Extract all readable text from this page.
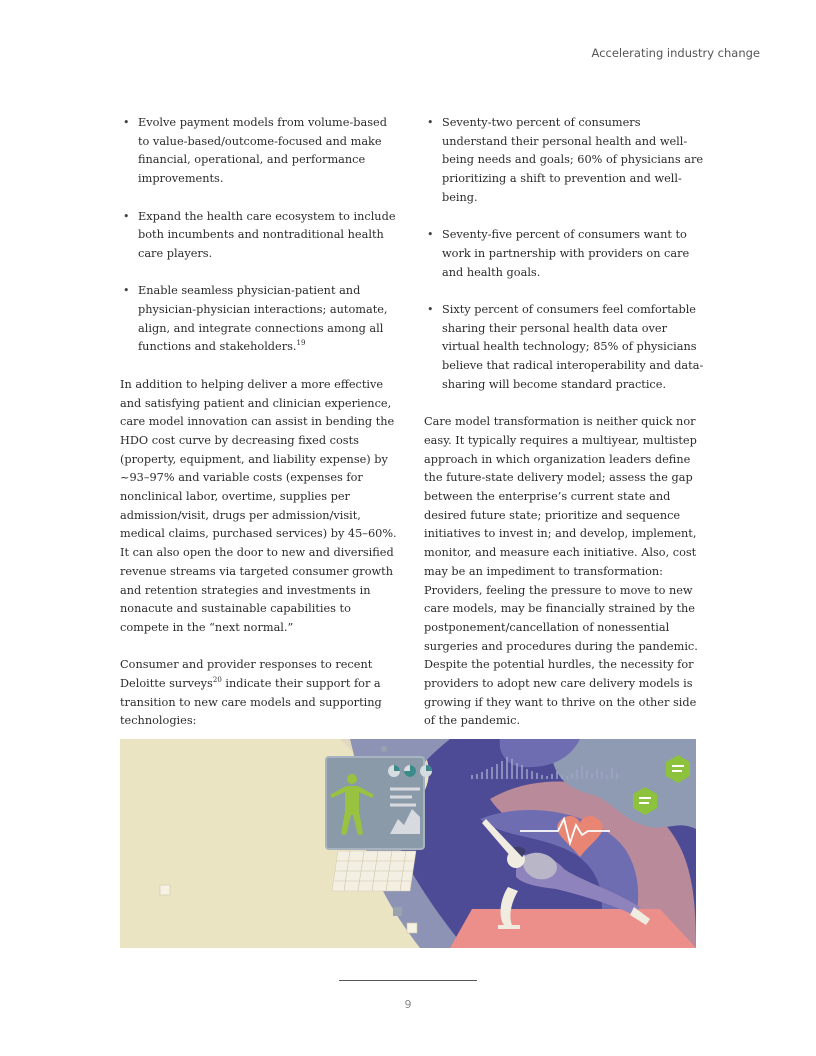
Accelerating industry change
• Evolve payment models from volume-based to value-based/outcome-focused and make financial, operational, and performance improvements.
• Expand the health care ecosystem to include both incumbents and nontraditional health care players.
• Enable seamless physician-patient and physician-physician interactions; automate, align, and integrate connections among all functions and stakeholders.$^{19}$

In addition to helping deliver a more effective and satisfying patient and clinician experience, care model innovation can assist in bending the HDO cost curve by decreasing fixed costs (property, equipment, and liability expense) by ~93–97% and variable costs (expenses for nonclinical labor, overtime, supplies per admission/visit, drugs per admission/visit, medical claims, purchased services) by 45–60%. It can also open the door to new and diversified revenue streams via targeted consumer growth and retention strategies and investments in nonacute and sustainable capabilities to compete in the “next normal.”

Consumer and provider responses to recent Deloitte surveys$^{20}$ indicate their support for a transition to new care models and supporting technologies:

• Seventy-two percent of consumers understand their personal health and well-being needs and goals; 60% of physicians are prioritizing a shift to prevention and well-being.
• Seventy-five percent of consumers want to work in partnership with providers on care and health goals.
• Sixty percent of consumers feel comfortable sharing their personal health data over virtual health technology; 85% of physicians believe that radical interoperability and data-sharing will become standard practice.

Care model transformation is neither quick nor easy. It typically requires a multiyear, multistep approach in which organization leaders define the future-state delivery model; assess the gap between the enterprise’s current state and desired future state; prioritize and sequence initiatives to invest in; and develop, implement, monitor, and measure each initiative. Also, cost may be an impediment to transformation: Providers, feeling the pressure to move to new care models, may be financially strained by the postponement/cancellation of nonessential surgeries and procedures during the pandemic. Despite the potential hurdles, the necessity for providers to adopt new care delivery models is growing if they want to thrive on the other side of the pandemic.

9
